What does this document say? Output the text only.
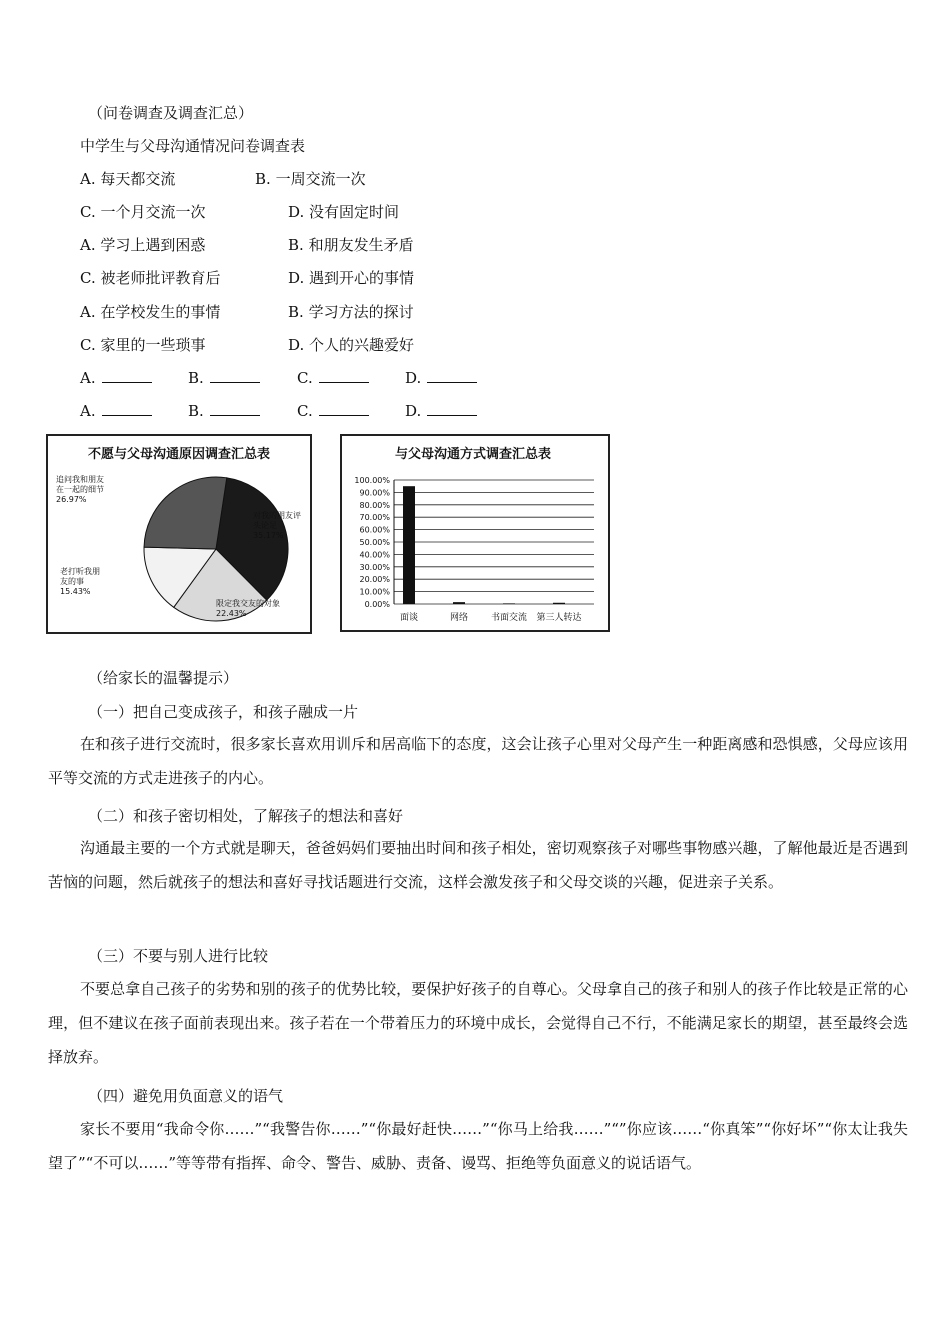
（问卷调查及调查汇总）
中学生与父母沟通情况问卷调查表
A. 每天都交流	B. 一周交流一次
C. 一个月交流一次	D. 没有固定时间
A. 学习上遇到困惑	B. 和朋友发生矛盾
C. 被老师批评教育后	D. 遇到开心的事情
A. 在学校发生的事情	B. 学习方法的探讨
C. 家里的一些琐事	D. 个人的兴趣爱好
A.	B.	C.	D.
A.	B.	C.	D.
不愿与父母沟通原因调查汇总表
对我的朋友评头论足 35.17%
限定我交友的对象 22.43%
老打听我朋友的事 15.43%
追问我和朋友在一起的细节 26.97%
与父母沟通方式调查汇总表
100.00%
90.00%
80.00%
70.00%
60.00%
50.00%
40.00%
30.00%
20.00%
10.00%
0.00%
面谈	网络	书面交流 第三人转达
（给家长的温馨提示）
（一）把自己变成孩子，和孩子融成一片
在和孩子进行交流时，很多家长喜欢用训斥和居高临下的态度，这会让孩子心里对父母产生一种距离感和恐惧感，父母应该用平等交流的方式走进孩子的内心。
（二）和孩子密切相处，了解孩子的想法和喜好
沟通最主要的一个方式就是聊天，爸爸妈妈们要抽出时间和孩子相处，密切观察孩子对哪些事物感兴趣，了解他最近是否遇到苦恼的问题，然后就孩子的想法和喜好寻找话题进行交流，这样会激发孩子和父母交谈的兴趣，促进亲子关系。
（三）不要与别人进行比较
不要总拿自己孩子的劣势和别的孩子的优势比较，要保护好孩子的自尊心。父母拿自己的孩子和别人的孩子作比较是正常的心理，但不建议在孩子面前表现出来。孩子若在一个带着压力的环境中成长，会觉得自己不行，不能满足家长的期望，甚至最终会选择放弃。
（四）避免用负面意义的语气
家长不要用“我命令你……”“我警告你……”“你最好赶快……”“你马上给我……”“”你应该……“你真笨”“你好坏”“你太让我失望了”“不可以……”等等带有指挥、命令、警告、威胁、责备、谩骂、拒绝等负面意义的说话语气。
